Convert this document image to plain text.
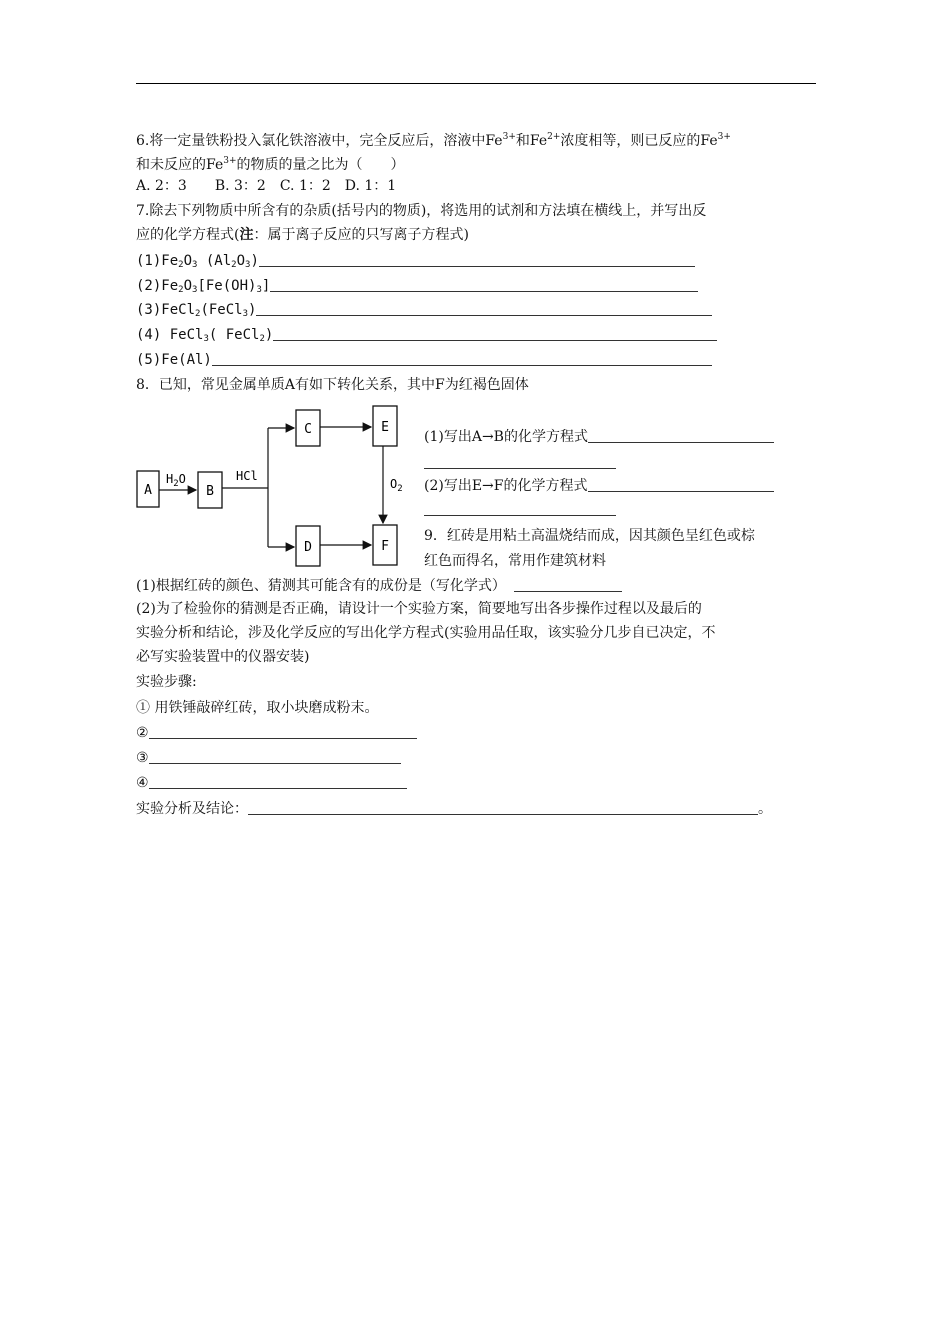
6.将一定量铁粉投入氯化铁溶液中，完全反应后，溶液中$Fe^{3+}$和$Fe^{2+}$浓度相等，则已反应的$Fe^{3+}$
和未反应的$Fe^{3+}$的物质的量之比为（　　）
A. 2：3　　B. 3：2　C. 1：2　D. 1：1
7.除去下列物质中所含有的杂质(括号内的物质)，将选用的试剂和方法填在横线上，并写出反
应的化学方程式(注：属于离子反应的只写离子方程式)
$(1)Fe_2O_3$ $(Al_2O_3)$
$(2)Fe_2O_3[Fe(OH)_3]$
(3)FeCl$_2$(FeCl$_3$)
(4) FeCl$_3$( FeCl$_2$)
(5)Fe(Al)
8．已知，常见金属单质A有如下转化关系，其中F为红褐色固体
A
$H_2O$
B
HCl
C	E
$O_2$
D	F
(1)写出A→B的化学方程式
(2)写出E→F的化学方程式
9．红砖是用粘土高温烧结而成，因其颜色呈红色或棕
红色而得名，常用作建筑材料
(1)根据红砖的颜色、猜测其可能含有的成份是（写化学式）
(2)为了检验你的猜测是否正确，请设计一个实验方案，简要地写出各步操作过程以及最后的
实验分析和结论，涉及化学反应的写出化学方程式(实验用品任取，该实验分几步自已决定，不
必写实验装置中的仪器安装)
实验步骤:
① 用铁锤敲碎红砖，取小块磨成粉末。
②
③
④
实验分析及结论：	。
